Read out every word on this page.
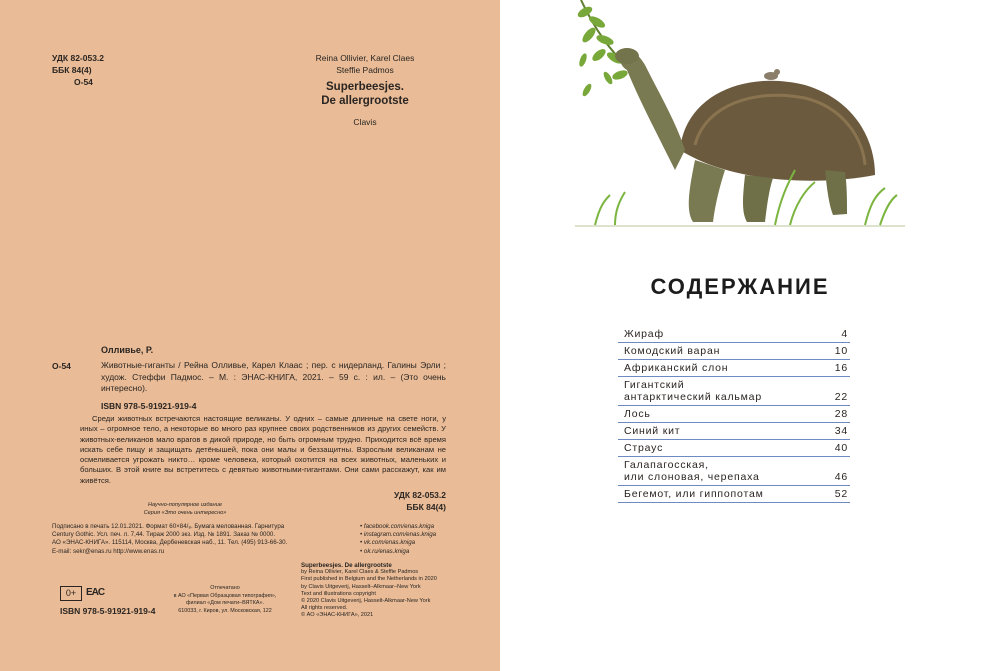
УДК 82-053.2
ББК 84(4)
О-54
Reina Ollivier, Karel Claes
Steffie Padmos
Superbeesjes.
De allergrootste
Clavis
Олливье, Р.
О-54	Животные-гиганты / Рейна Олливье, Карел Клаас ; пер. с нидерланд. Галины Эрли ; худож. Стеффи Падмос. – М. : ЭНАС-КНИГА, 2021. – 59 с. : ил. – (Это очень интересно).
ISBN 978-5-91921-919-4
Среди животных встречаются настоящие великаны. У одних – самые длинные на свете ноги, у иных – огромное тело, а некоторые во много раз крупнее своих родственников из других семейств. У животных-великанов мало врагов в дикой природе, но быть огромным трудно. Приходится всё время искать себе пищу и защищать детёнышей, пока они малы и беззащитны. Взрослым великанам не осмеливается угрожать никто… кроме человека, который охотится на всех животных, маленьких и больших. В этой книге вы встретитесь с девятью животными-гигантами. Они сами расскажут, как им живётся.
УДК 82-053.2
ББК 84(4)
Научно-популярное издание
Серия «Это очень интересно»
Подписано в печать 12.01.2021. Формат 60×84/₈. Бумага мелованная. Гарнитура
Century Gothic. Усл. печ. л. 7,44. Тираж 2000 экз. Изд. № 1891. Заказ № 0000.
АО «ЭНАС-КНИГА». 115114, Москва, Дербеневская наб., 11. Тел. (495) 913-66-30.
E-mail: sekr@enas.ru http://www.enas.ru
• facebook.com/enas.kniga
• instagram.com/enas.kniga
• vk.com/enas.kniga
• ok.ru/enas.kniga
0+ EAC
ISBN 978-5-91921-919-4
Отпечатано
в АО «Первая Образцовая типография»,
филиал «Дом печати–ВЯТКА».
610033, г. Киров, ул. Московская, 122
Superbeesjes. De allergrootste
by Reina Ollivier, Karel Claes & Steffie Padmos
First published in Belgium and the Netherlands in 2020
by Clavis Uitgeverij, Hasselt–Alkmaar–New York
Text and illustrations copyright
© 2020 Clavis Uitgeverij, Hasselt-Alkmaar-New York
All rights reserved.
© АО «ЭНАС-КНИГА», 2021
СОДЕРЖАНИЕ
Жираф	4
Комодский варан	10
Африканский слон	16
Гигантский
антарктический кальмар	22
Лось	28
Синий кит	34
Страус	40
Галапагосская,
или слоновая, черепаха	46
Бегемот, или гиппопотам	52
